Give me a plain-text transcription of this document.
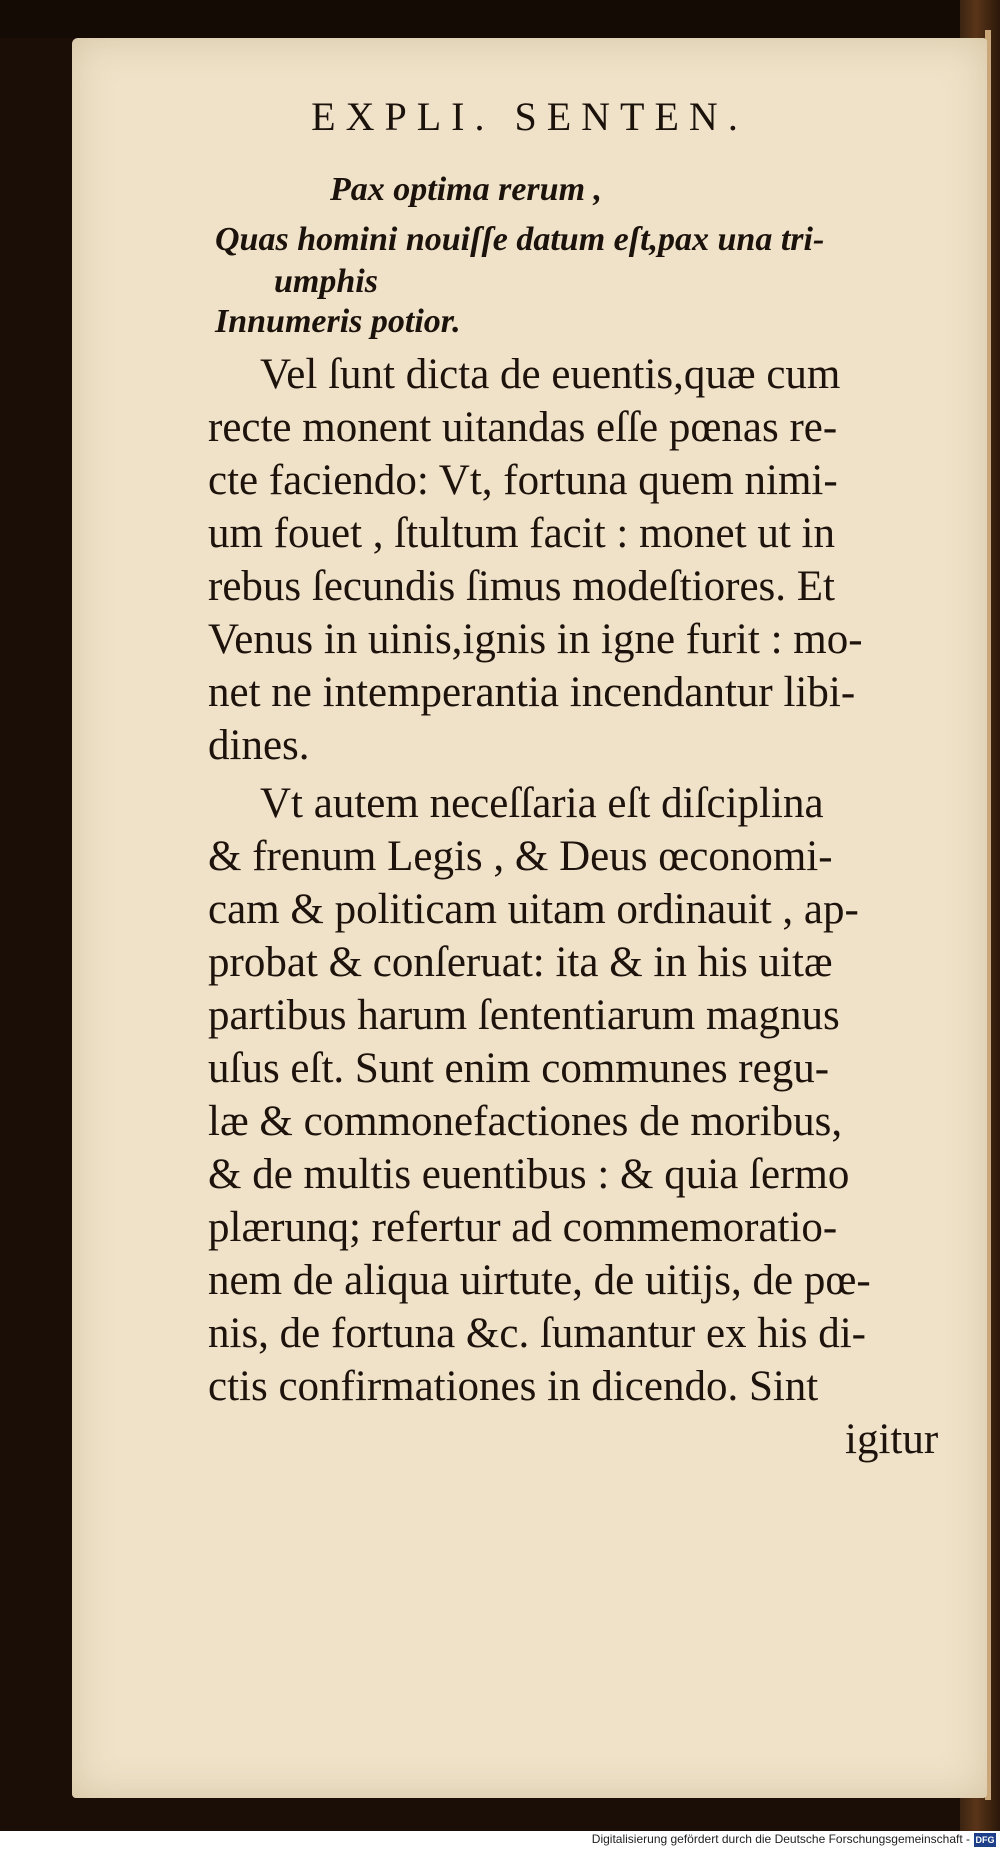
EXPLI. SENTEN.
Pax optima rerum ,
Quas homini nouiſſe datum eſt,pax una tri-
umphis
Innumeris potior.
Vel ſunt dicta de euentis,quæ cum
recte monent uitandas eſſe pœnas re-
cte faciendo: Vt, fortuna quem nimi-
um fouet , ſtultum facit : monet ut in
rebus ſecundis ſimus modeſtiores. Et
Venus in uinis,ignis in igne furit : mo-
net ne intemperantia incendantur libi-
dines.
Vt autem neceſſaria eſt diſciplina
& frenum Legis , & Deus œconomi-
cam & politicam uitam ordinauit , ap-
probat & conſeruat: ita & in his uitæ
partibus harum ſententiarum magnus
uſus eſt. Sunt enim communes regu-
læ & commonefactiones de moribus,
& de multis euentibus : & quia ſermo
plærunq; refertur ad commemoratio-
nem de aliqua uirtute, de uitijs, de pœ-
nis, de fortuna &c. ſumantur ex his di-
ctis confirmationes in dicendo. Sint
igitur
Digitalisierung gefördert durch die Deutsche Forschungsgemeinschaft - DFG
